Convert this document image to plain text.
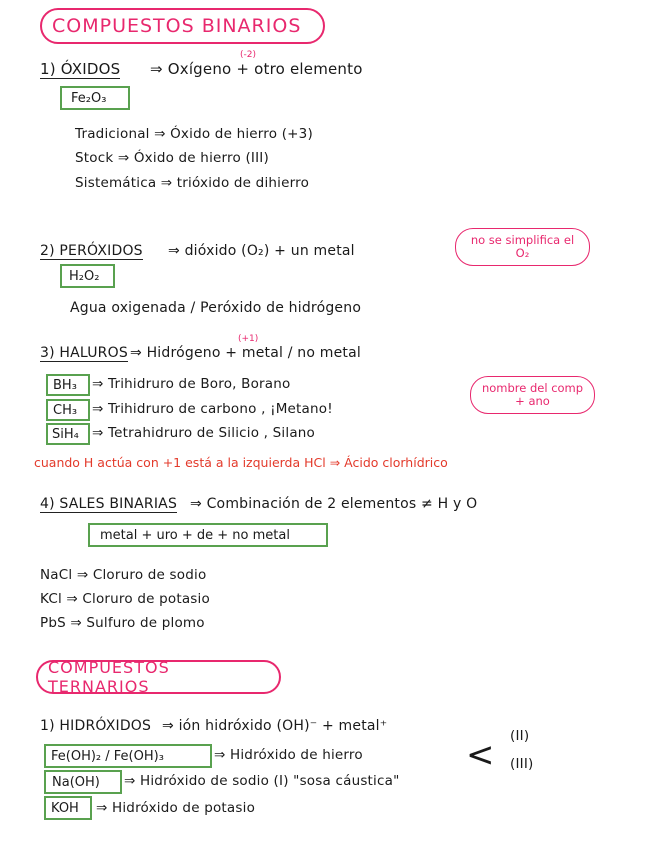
COMPUESTOS BINARIOS
1) ÓXIDOS ⇒ Oxígeno + otro elemento
(-2)
Fe₂O₃
Tradicional ⇒ Óxido de hierro (+3)
Stock ⇒ Óxido de hierro (III)
Sistemática ⇒ trióxido de dihierro
2) PERÓXIDOS ⇒ dióxido (O₂) + un metal
no se simplifica el O₂
H₂O₂
Agua oxigenada / Peróxido de hidrógeno
(+1)
3) HALUROS ⇒ Hidrógeno + metal / no metal
BH₃ ⇒ Trihidruro de Boro, Borano
CH₃ ⇒ Trihidruro de carbono , ¡Metano!
SiH₄ ⇒ Tetrahidruro de Silicio , Silano
nombre del comp + ano
cuando H actúa con +1 está a la izquierda HCl ⇒ Ácido clorhídrico
4) SALES BINARIAS ⇒ Combinación de 2 elementos ≠ H y O
metal + uro + de + no metal
NaCl ⇒ Cloruro de sodio
KCl ⇒ Cloruro de potasio
PbS ⇒ Sulfuro de plomo
COMPUESTOS TERNARIOS
1) HIDRÓXIDOS ⇒ ión hidróxido (OH)⁻ + metal⁺
Fe(OH)₂ / Fe(OH)₃	⇒ Hidróxido de hierro	< (II)
(III)
Na(OH) ⇒ Hidróxido de sodio (I) "sosa cáustica"
KOH ⇒ Hidróxido de potasio
